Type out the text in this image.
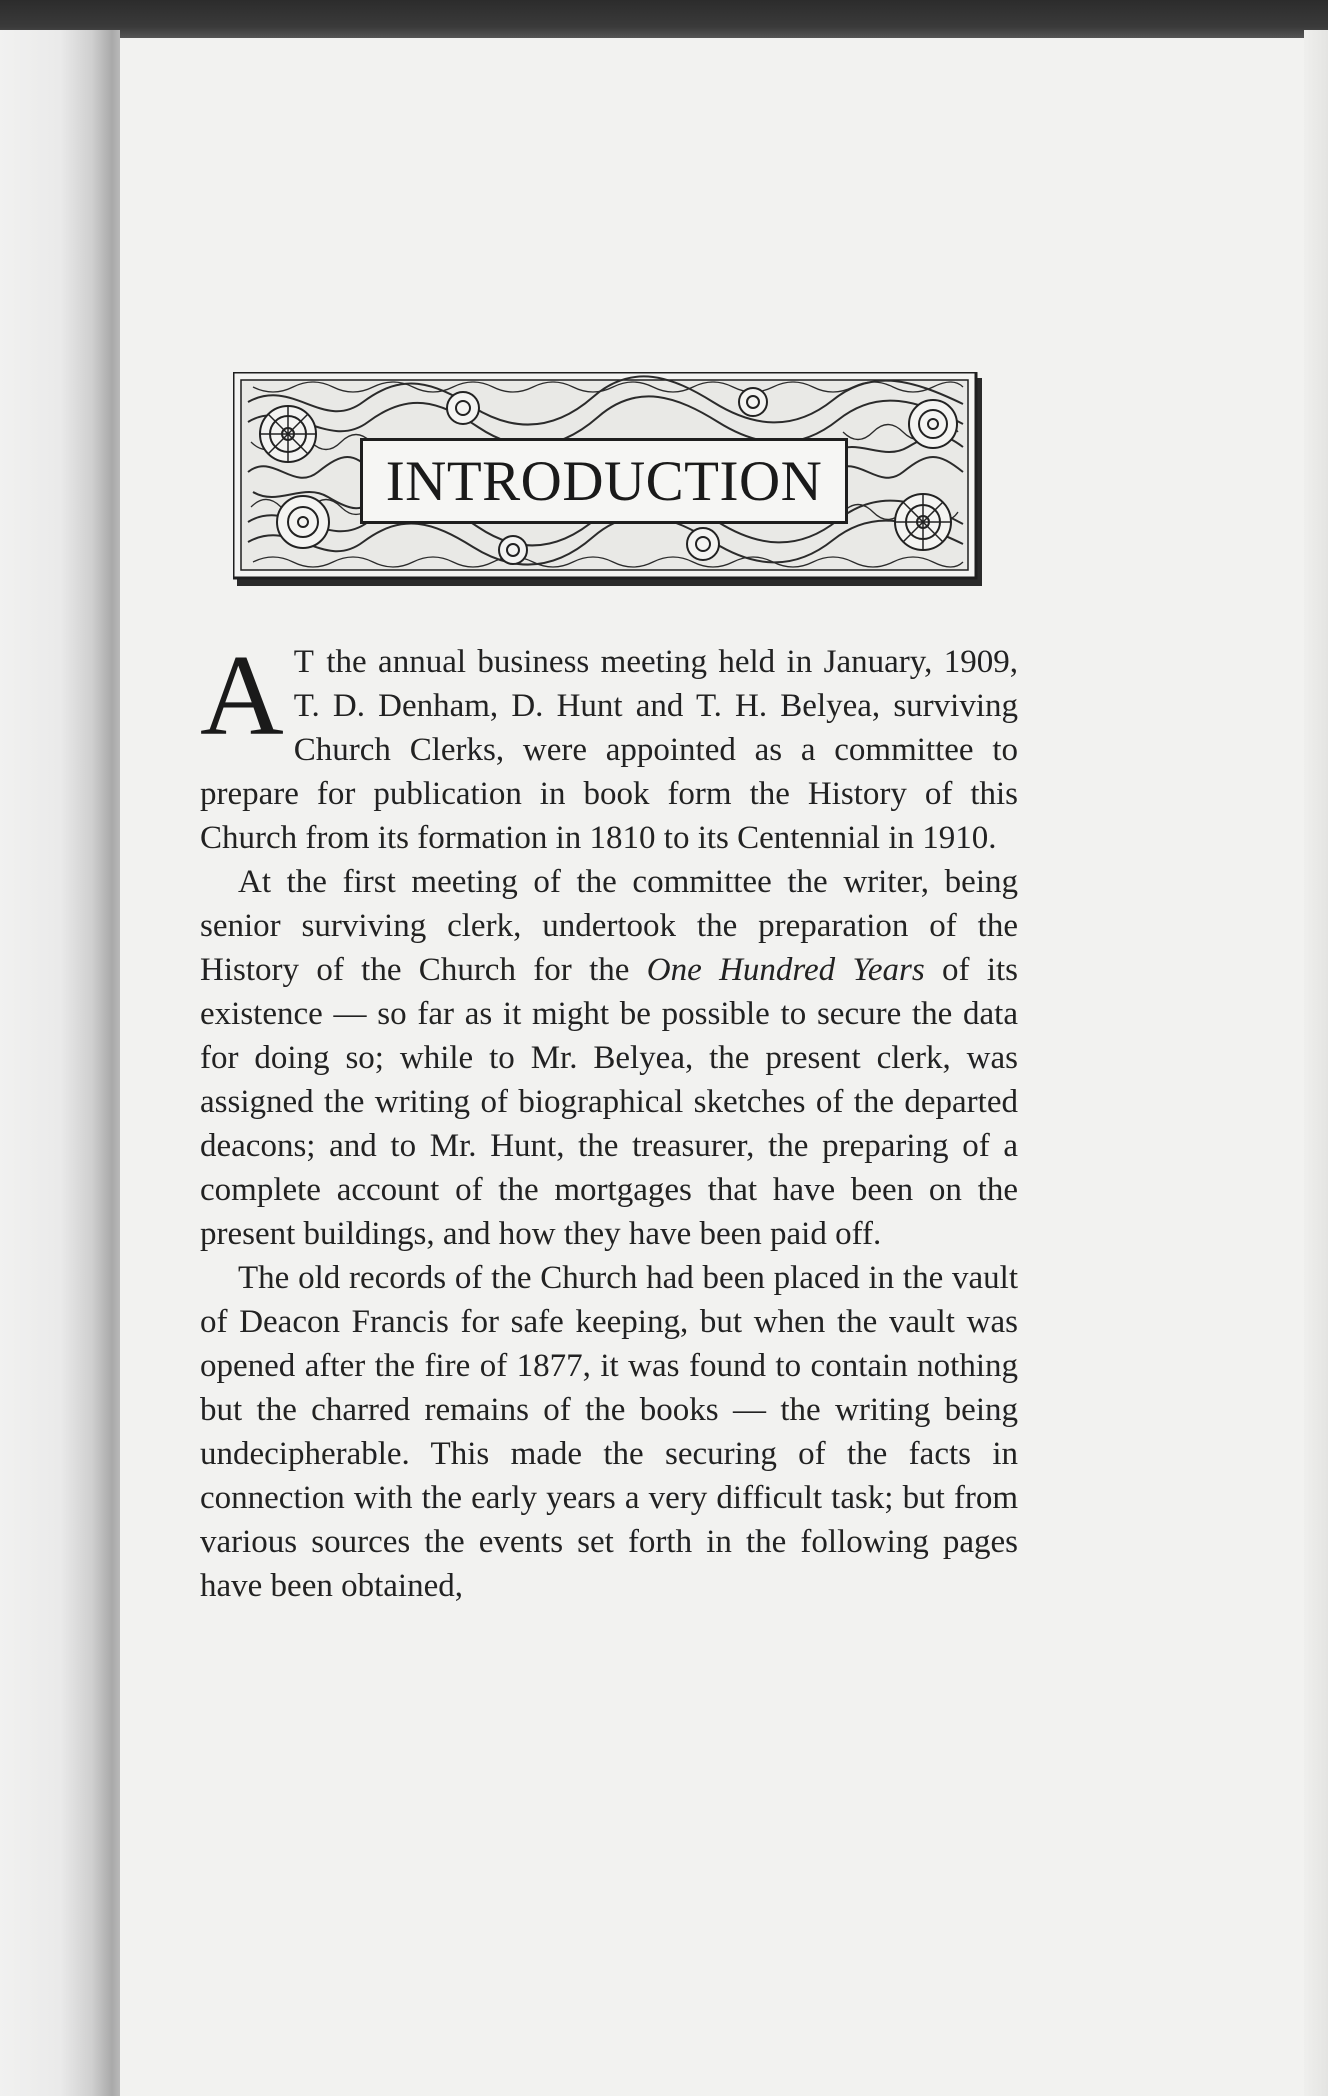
INTRODUCTION

A T the annual business meeting held in January, 1909, T. D. Denham, D. Hunt and T. H. Belyea, surviving Church Clerks, were appointed as a committee to prepare for publication in book form the History of this Church from its formation in 1810 to its Centennial in 1910.

At the first meeting of the committee the writer, being senior surviving clerk, undertook the preparation of the History of the Church for the One Hundred Years of its existence — so far as it might be possible to secure the data for doing so; while to Mr. Belyea, the present clerk, was assigned the writing of biographical sketches of the departed deacons; and to Mr. Hunt, the treasurer, the preparing of a complete account of the mortgages that have been on the present buildings, and how they have been paid off.

The old records of the Church had been placed in the vault of Deacon Francis for safe keeping, but when the vault was opened after the fire of 1877, it was found to contain nothing but the charred remains of the books — the writing being undecipherable. This made the securing of the facts in connection with the early years a very difficult task; but from various sources the events set forth in the following pages have been obtained,
